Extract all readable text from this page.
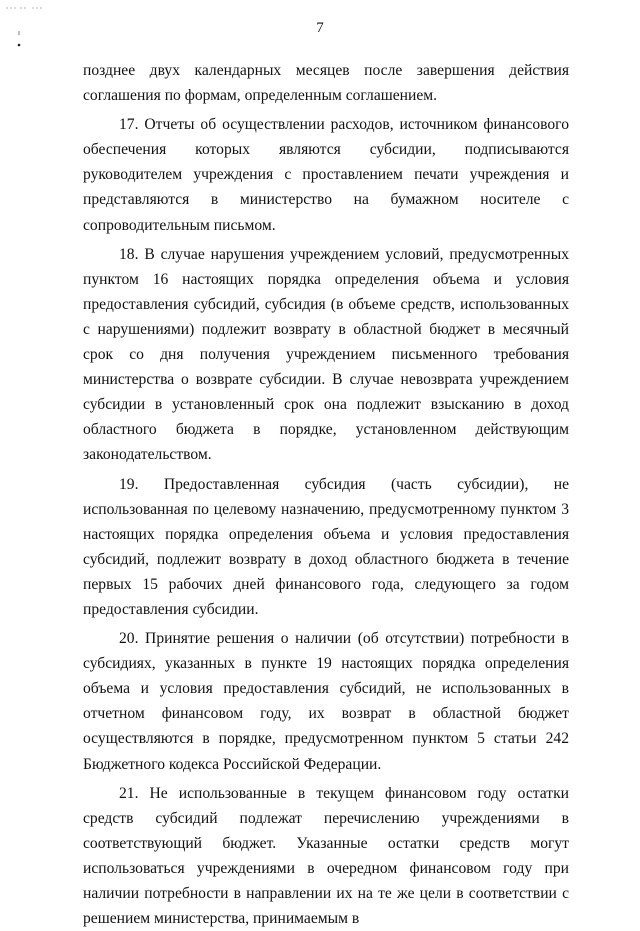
7

позднее двух календарных месяцев после завершения действия соглашения по формам, определенным соглашением.

17. Отчеты об осуществлении расходов, источником финансового обеспечения которых являются субсидии, подписываются руководителем учреждения с проставлением печати учреждения и представляются в министерство на бумажном носителе с сопроводительным письмом.

18. В случае нарушения учреждением условий, предусмотренных пунктом 16 настоящих порядка определения объема и условия предоставления субсидий, субсидия (в объеме средств, использованных с нарушениями) подлежит возврату в областной бюджет в месячный срок со дня получения учреждением письменного требования министерства о возврате субсидии. В случае невозврата учреждением субсидии в установленный срок она подлежит взысканию в доход областного бюджета в порядке, установленном действующим законодательством.

19. Предоставленная субсидия (часть субсидии), не использованная по целевому назначению, предусмотренному пунктом 3 настоящих порядка определения объема и условия предоставления субсидий, подлежит возврату в доход областного бюджета в течение первых 15 рабочих дней финансового года, следующего за годом предоставления субсидии.

20. Принятие решения о наличии (об отсутствии) потребности в субсидиях, указанных в пункте 19 настоящих порядка определения объема и условия предоставления субсидий, не использованных в отчетном финансовом году, их возврат в областной бюджет осуществляются в порядке, предусмотренном пунктом 5 статьи 242 Бюджетного кодекса Российской Федерации.

21. Не использованные в текущем финансовом году остатки средств субсидий подлежат перечислению учреждениями в соответствующий бюджет. Указанные остатки средств могут использоваться учреждениями в очередном финансовом году при наличии потребности в направлении их на те же цели в соответствии с решением министерства, принимаемым в
